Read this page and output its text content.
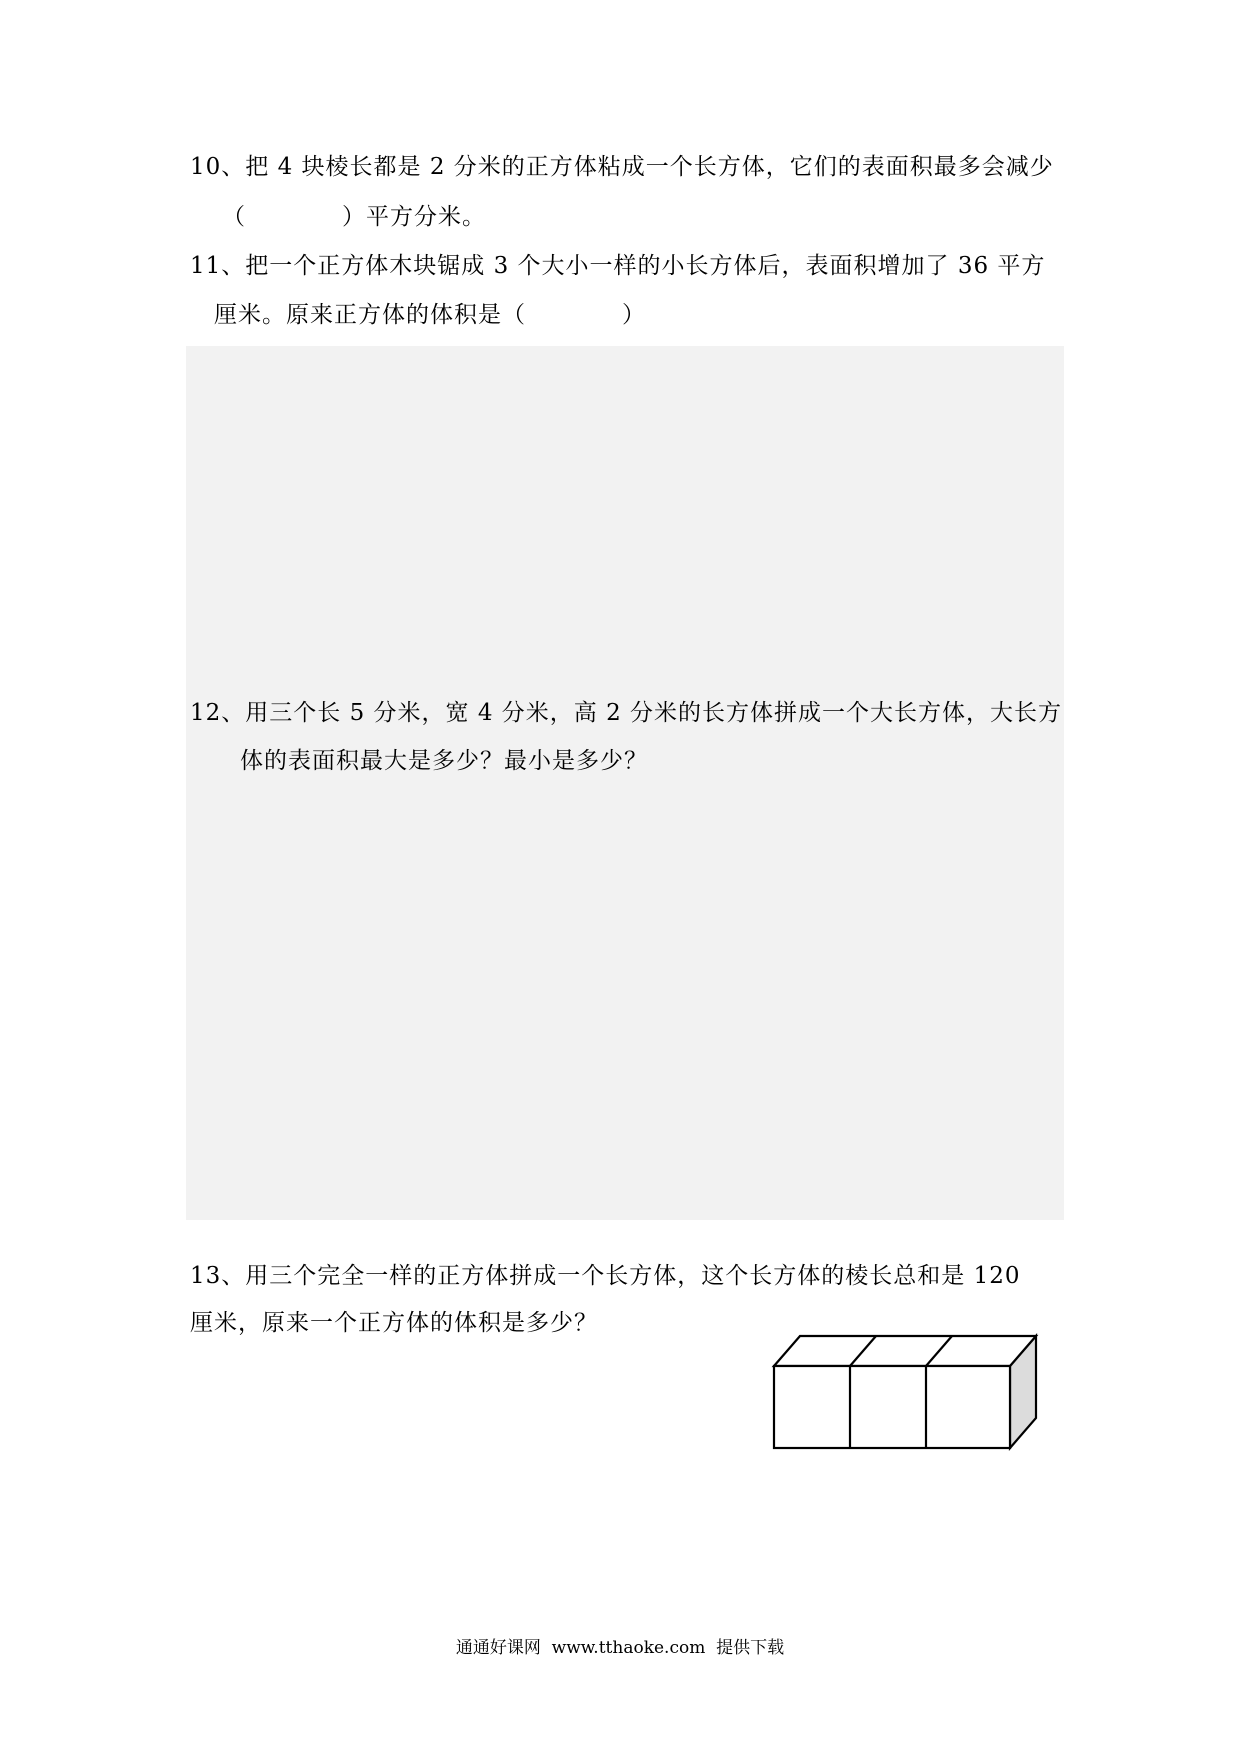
10、把 4 块棱长都是 2 分米的正方体粘成一个长方体，它们的表面积最多会减少
（　　　　）平方分米。
11、把一个正方体木块锯成 3 个大小一样的小长方体后，表面积增加了 36 平方
厘米。原来正方体的体积是（　　　　）
12、用三个长 5 分米，宽 4 分米，高 2 分米的长方体拼成一个大长方体，大长方
体的表面积最大是多少？最小是多少？
13、用三个完全一样的正方体拼成一个长方体，这个长方体的棱长总和是 120
厘米，原来一个正方体的体积是多少？
通通好课网  www.tthaoke.com  提供下载
